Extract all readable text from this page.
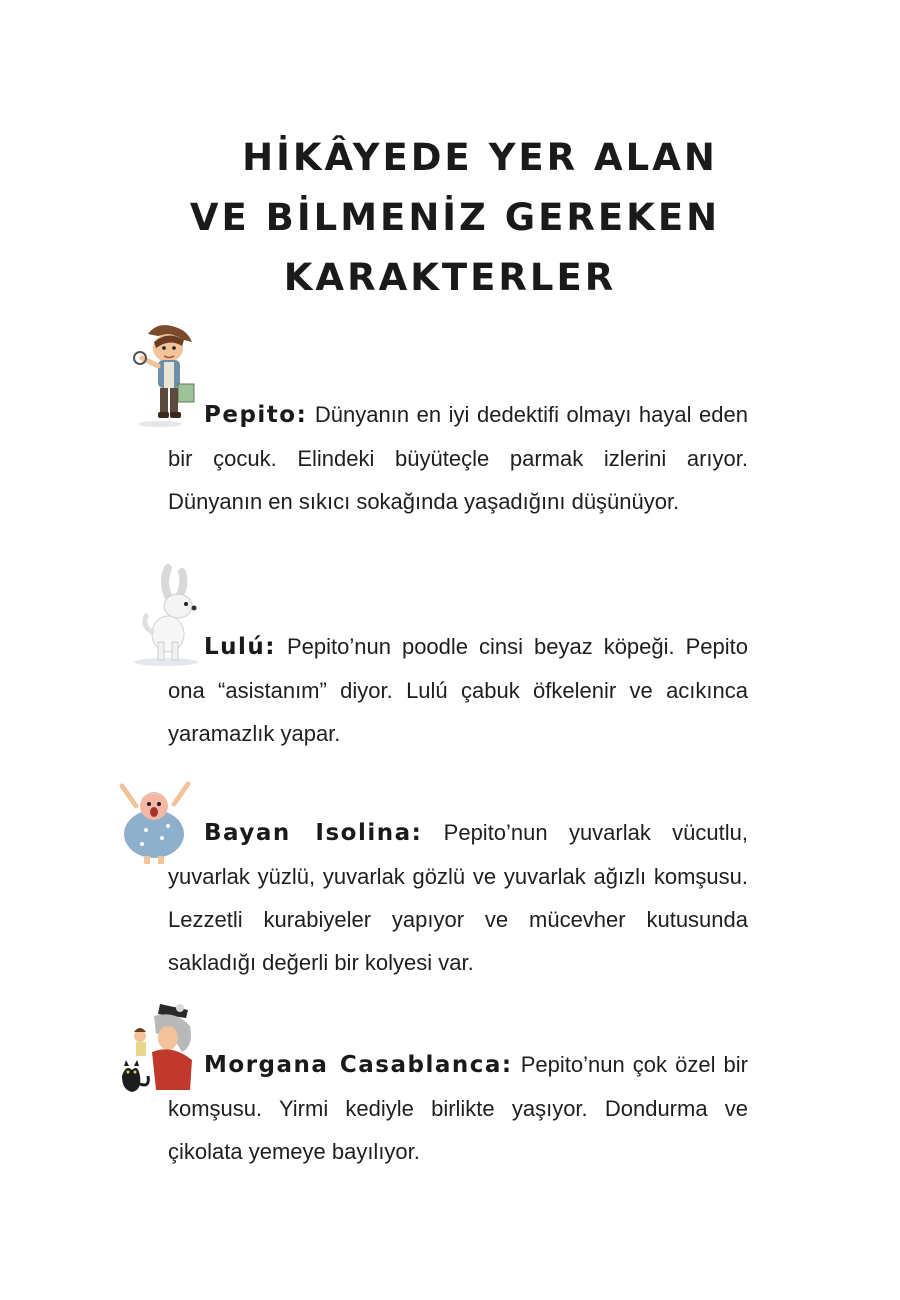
HİKÂYEDE YER ALAN
VE BİLMENİZ GEREKEN
KARAKTERLER

Pepito: Dünyanın en iyi dedektifi olmayı hayal eden bir çocuk. Elindeki büyüteçle parmak izlerini arıyor. Dünyanın en sıkıcı sokağında yaşadığını düşünüyor.

Lulú: Pepito’nun poodle cinsi beyaz köpeği. Pepito ona “asistanım” diyor. Lulú çabuk öfkelenir ve acıkınca yaramazlık yapar.

Bayan Isolina: Pepito’nun yuvarlak vücutlu, yuvarlak yüzlü, yuvarlak gözlü ve yuvarlak ağızlı komşusu. Lezzetli kurabiyeler yapıyor ve mücevher kutusunda sakladığı değerli bir kolyesi var.

Morgana Casablanca: Pepito’nun çok özel bir komşusu. Yirmi kediyle birlikte yaşıyor. Dondurma ve çikolata yemeye bayılıyor.
